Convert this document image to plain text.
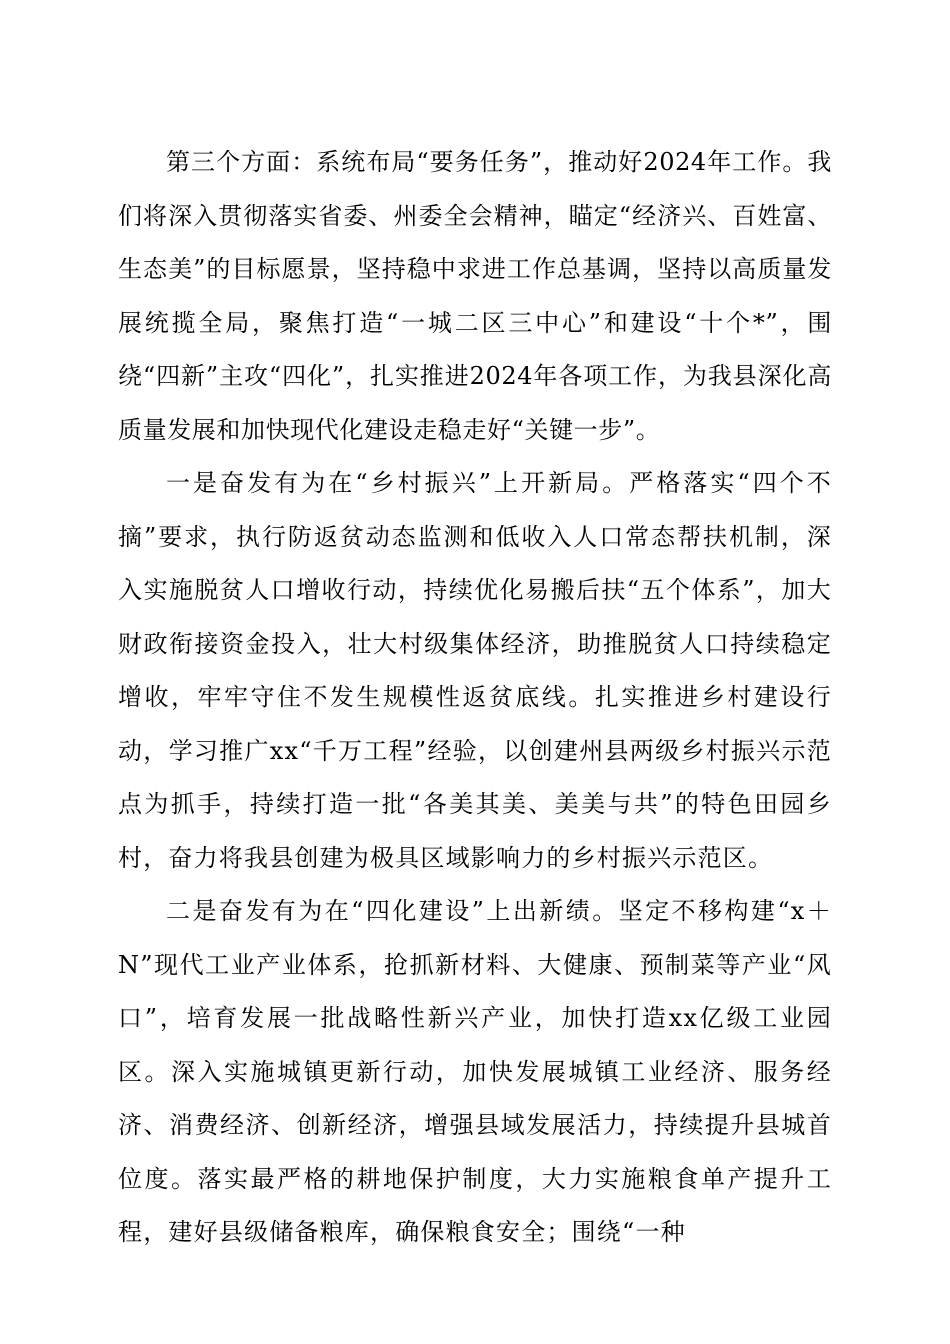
第三个方面：系统布局“要务任务”，推动好2024年工作。我们将深入贯彻落实省委、州委全会精神，瞄定“经济兴、百姓富、生态美”的目标愿景，坚持稳中求进工作总基调，坚持以高质量发展统揽全局，聚焦打造“一城二区三中心”和建设“十个*”，围绕“四新”主攻“四化”，扎实推进2024年各项工作，为我县深化高质量发展和加快现代化建设走稳走好“关键一步”。

一是奋发有为在“乡村振兴”上开新局。严格落实“四个不摘”要求，执行防返贫动态监测和低收入人口常态帮扶机制，深入实施脱贫人口增收行动，持续优化易搬后扶“五个体系”，加大财政衔接资金投入，壮大村级集体经济，助推脱贫人口持续稳定增收，牢牢守住不发生规模性返贫底线。扎实推进乡村建设行动，学习推广xx“千万工程”经验，以创建州县两级乡村振兴示范点为抓手，持续打造一批“各美其美、美美与共”的特色田园乡村，奋力将我县创建为极具区域影响力的乡村振兴示范区。

二是奋发有为在“四化建设”上出新绩。坚定不移构建“x＋N”现代工业产业体系，抢抓新材料、大健康、预制菜等产业“风口”，培育发展一批战略性新兴产业，加快打造xx亿级工业园区。深入实施城镇更新行动，加快发展城镇工业经济、服务经济、消费经济、创新经济，增强县域发展活力，持续提升县城首位度。落实最严格的耕地保护制度，大力实施粮食单产提升工程，建好县级储备粮库，确保粮食安全；围绕“一种
